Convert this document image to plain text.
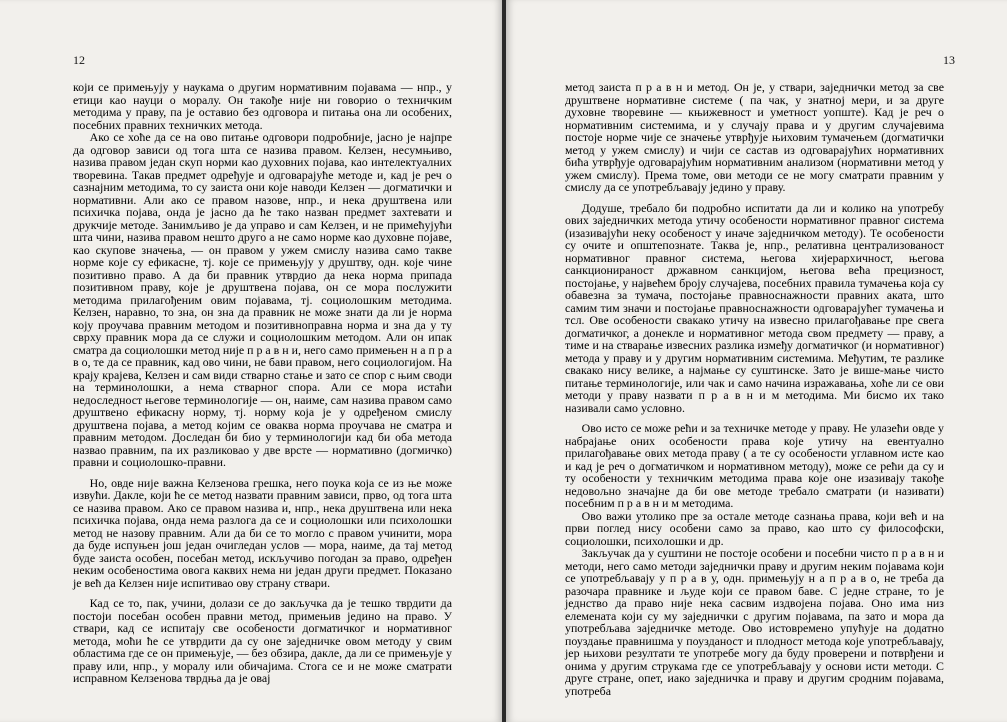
12	13

који се примењују у наукама о другим нормативним појавама — нпр., у етици као науци о моралу. Он такође није ни говорио о техничким методима у праву, па је оставио без одговора и питања она ли особених, посебних правних техничких метода.

Ако се хоће да се на ово питање одговори подробније, јасно је најпре да одговор зависи од тога шта се назива правом. Келзен, несумњиво, назива правом један скуп норми као духовних појава, као интелектуалних творевина. Такав предмет одређује и одговарајуће методе и, кад је реч о сазнајним методима, то су заиста они које наводи Келзен — догматички и нормативни. Али ако се правом назове, нпр., и нека друштвена или психичка појава, онда је јасно да ће тако назван предмет захтевати и друкчије методе. Занимљиво је да управо и сам Келзен, и не примећујући шта чини, назива правом нешто друго а не само норме као духовне појаве, као скупове значења, — он правом у ужем смислу назива само такве норме које су ефикасне, тј. које се примењују у друштву, одн. које чине позитивно право. А да би правник утврдио да нека норма припада позитивном праву, које је друштвена појава, он се мора послужити методима прилагођеним овим појавама, тј. социолошким методима. Келзен, наравно, то зна, он зна да правник не може знати да ли је норма коју проучава правним методом и позитивноправна норма и зна да у ту сврху правник мора да се служи и социолошким методом. Али он ипак сматра да социолошки метод није п р а в н и, него само примењен н а п р а в о, те да се правник, кад ово чини, не бави правом, него социологијом. На крају крајева, Келзен и сам види стварно стање и зато се спор с њим своди на терминолошки, а нема стварног спора. Али се мора истаћи недоследност његове терминологије — он, наиме, сам назива правом само друштвено ефикасну норму, тј. норму која је у одређеном смислу друштвена појава, а метод којим се оваква норма проучава не сматра и правним методом. Доследан би био у терминологији кад би оба метода назвао правним, па их разликовао у две врсте — нормативно (догмичко) правни и социолошко-правни.

Но, овде није важна Келзенова грешка, него поука која се из ње може извући. Дакле, који ће се метод назвати правним зависи, прво, од тога шта се назива правом. Ако се правом назива и, нпр., нека друштвена или нека психичка појава, онда нема разлога да се и социолошки или психолошки метод не назову правним. Али да би се то могло с правом учинити, мора да буде испуњен још један очигледан услов — мора, наиме, да тај метод буде заиста особен, посебан метод, искључиво погодан за право, одређен неким особеностима овога каквих нема ни један други предмет. Показано је већ да Келзен није испитивао ову страну ствари.

Кад се то, пак, учини, долази се до закључка да је тешко тврдити да постоји посебан особен правни метод, примењив једино на право. У ствари, кад се испитају све особености догматичког и нормативног метода, моћи ће се утврдити да су оне заједничке овом методу у свим областима где се он примењује, — без обзира, дакле, да ли се примењује у праву или, нпр., у моралу или обичајима. Стога се и не може сматрати исправном Келзенова тврдња да је овај

метод заиста п р а в н и метод. Он је, у ствари, заједнички метод за све друштвене нормативне системе ( па чак, у знатној мери, и за друге духовне творевине — књижевност и уметност уопште). Кад је реч о нормативним системима, и у случају права и у другим случајевима постоје норме чије се значење утврђује њиховим тумачењем (догматички метод у ужем смислу) и чији се састав из одговарајућих нормативних бића утврђује одговарајућим нормативним анализом (нормативни метод у ужем смислу). Према томе, ови методи се не могу сматрати правним у смислу да се употребљавају једино у праву.

Додуше, требало би подробно испитати да ли и колико на употребу ових заједничких метода утичу особености нормативног правног система (изазивајући неку особеност у иначе заједничком методу). Те особености су очите и општепознате. Таква је, нпр., релативна централизованост нормативног правног система, његова хијерархичност, његова санкционираност државном санкцијом, његова већа прецизност, постојање, у највећем броју случајева, посебних правила тумачења која су обавезна за тумача, постојање правноснажности правних аката, што самим тим значи и постојање правноснажности одговарајућег тумачења и тсл. Ове особености свакако утичу на извесно прилагођавање пре свега догматичког, а донекле и нормативног метода свом предмету — праву, а тиме и на стварање извесних разлика између догматичког (и нормативног) метода у праву и у другим нормативним системима. Међутим, те разлике свакако нису велике, а најмање су суштинске. Зато је више-мање чисто питање терминологије, или чак и само начина изражавања, хоће ли се ови методи у праву назвати п р а в н и м методима. Ми бисмо их тако називали само условно.

Ово исто се може рећи и за техничке методе у праву. Не улазећи овде у набрајање оних особености права које утичу на евентуално прилагођавање ових метода праву ( а те су особености углавном исте као и кад је реч о догматичком и нормативном методу), може се рећи да су и ту особености у техничким методима права које оне изазивају такође недовољно значајне да би ове методе требало сматрати (и називати) посебним п р а в н и м методима.

Ово важи утолико пре за остале методе сазнања права, који већ и на први поглед нису особени само за право, као што су философски, социолошки, психолошки и др.

Закључак да у суштини не постоје особени и посебни чисто п р а в н и методи, него само методи заједнички праву и другим неким појавама који се употребљавају у п р а в у, одн. примењују н а п р а в о, не треба да разочара правнике и људе који се правом баве. С једне стране, то је једнство да право није нека сасвим издвојена појава. Оно има низ елемената који су му заједнички с другим појавама, па зато и мора да употребљава заједничке методе. Ово истовремено упућује на додатно поуздање правнишма у поузданост и плодност метода које употребљавају, јер њихови резултати те употребе могу да буду проверени и потврђени и онима у другим струкама где се употребљавају у основи исти методи. С друге стране, опет, иако заједничка и праву и другим сродним појавама, употреба
